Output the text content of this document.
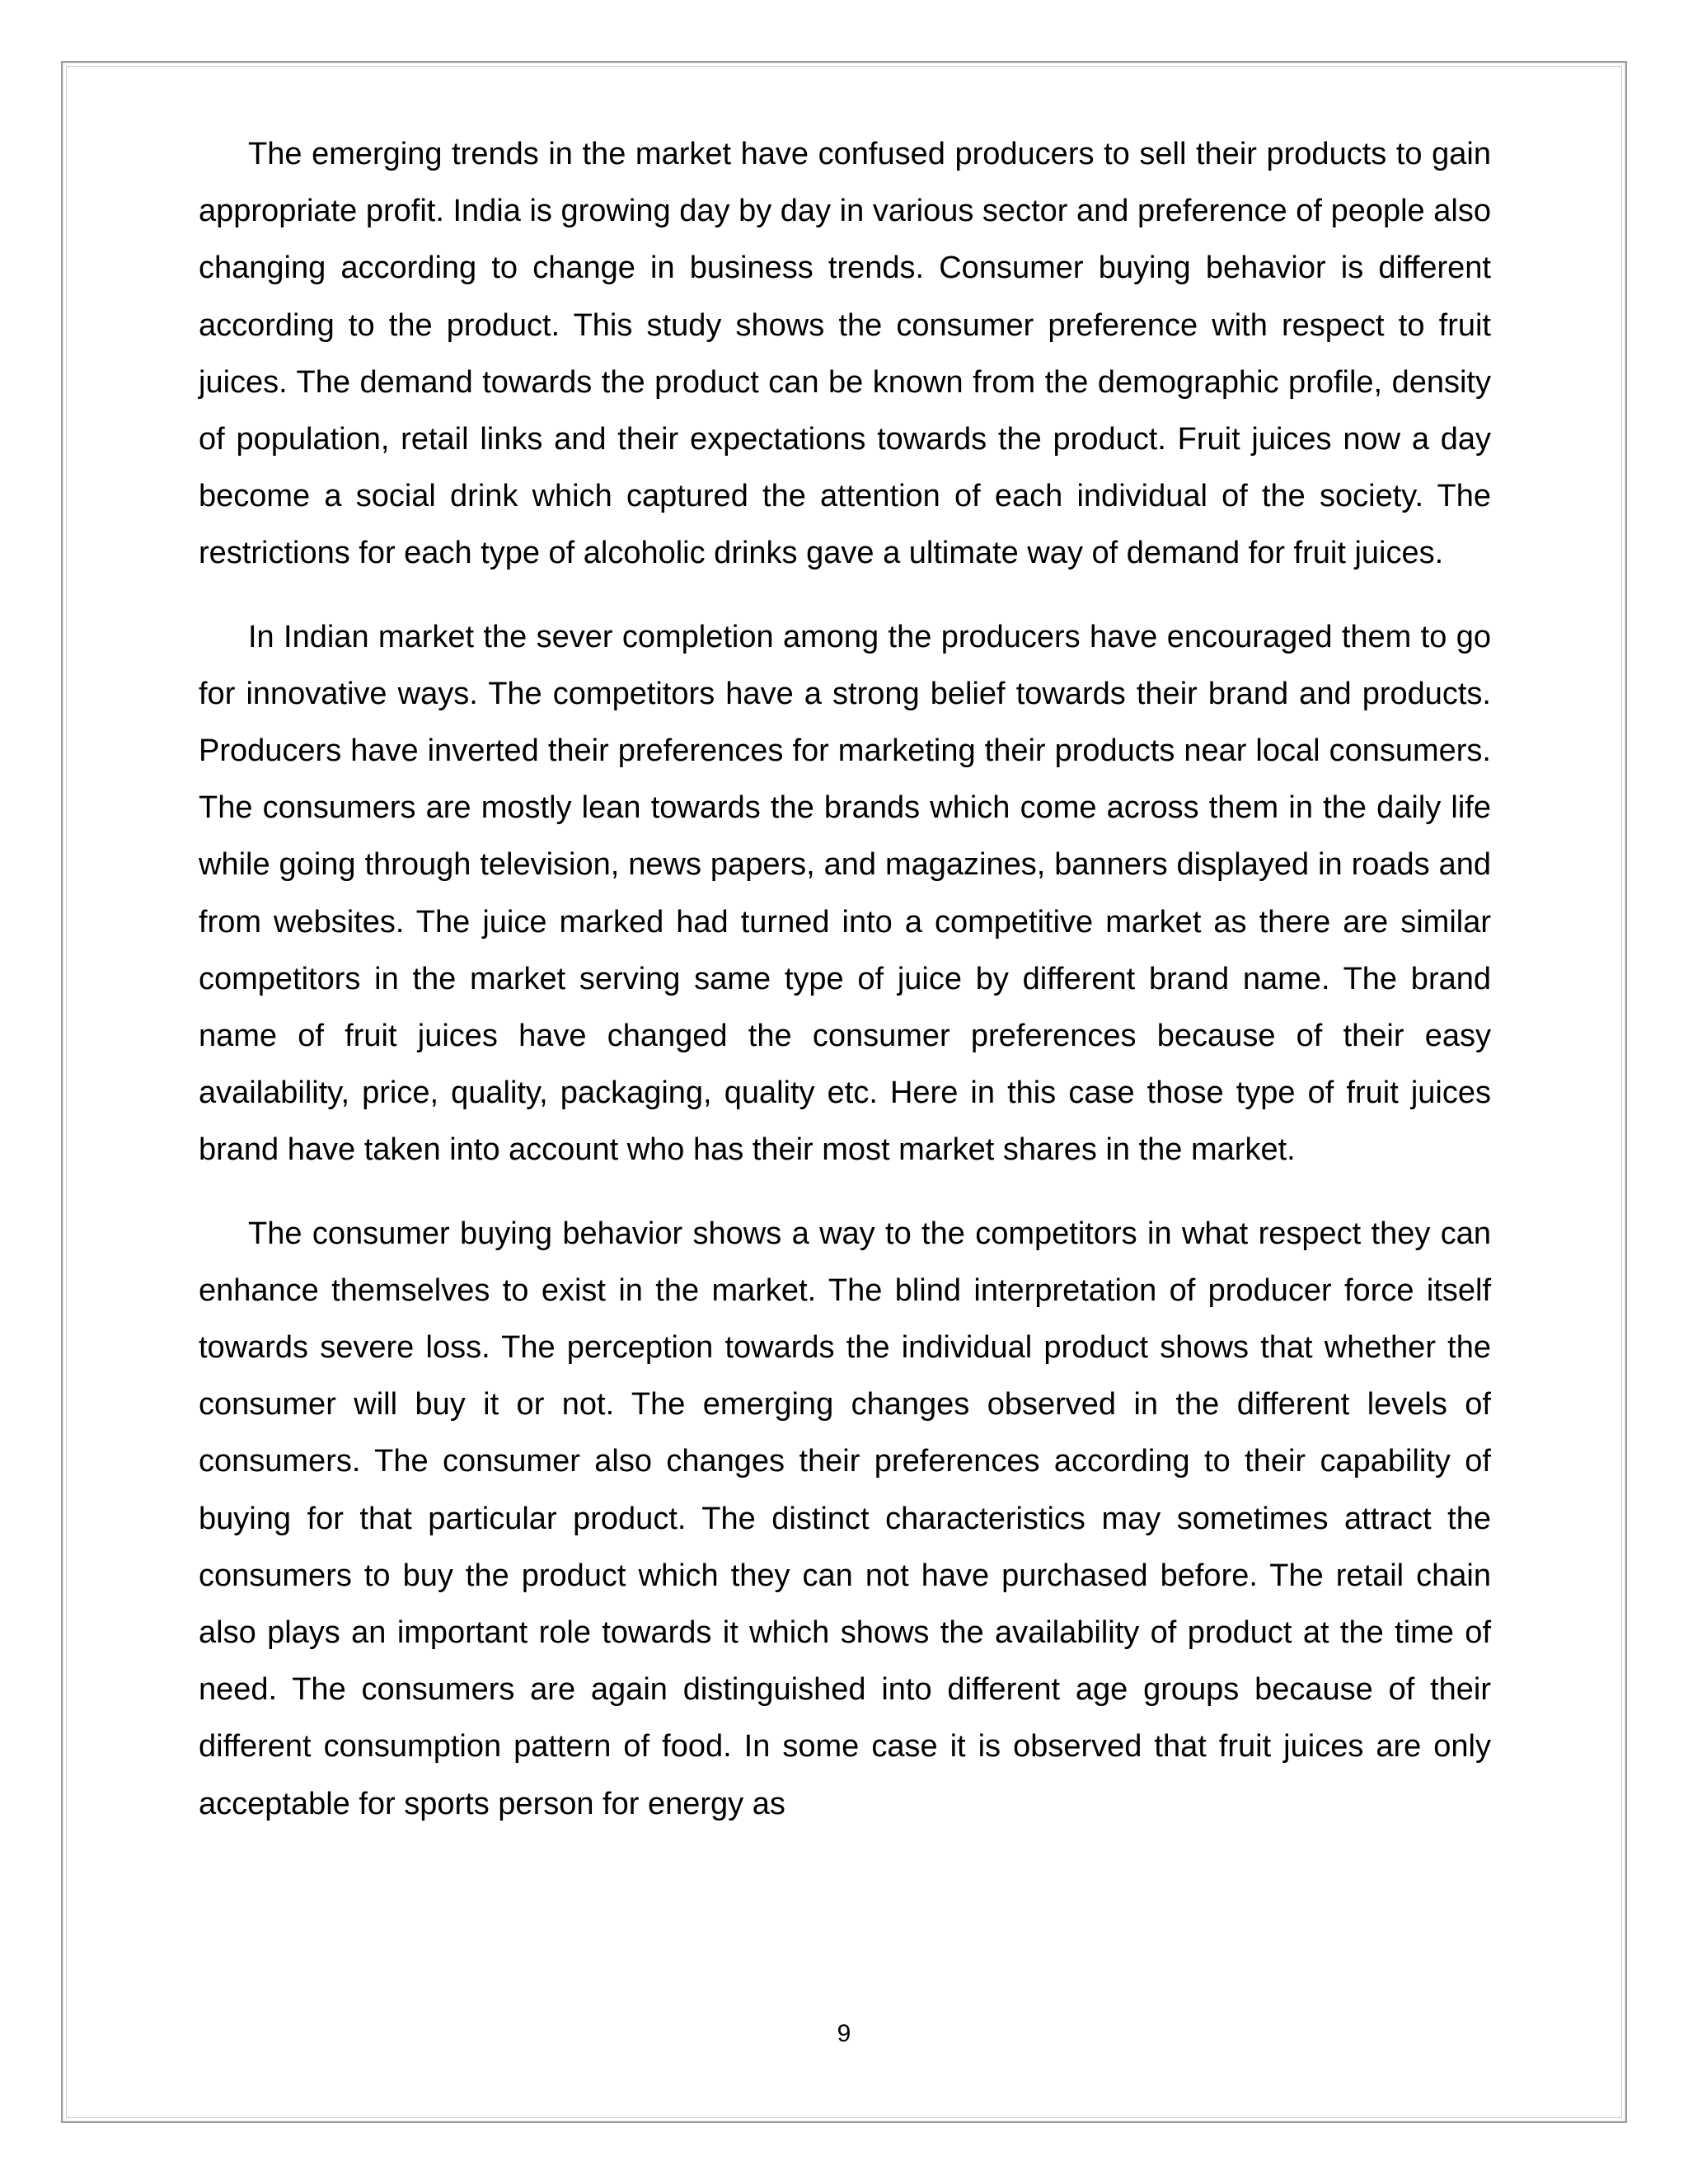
The emerging trends in the market have confused producers to sell their products to gain appropriate profit. India is growing day by day in various sector and preference of people also changing according to change in business trends. Consumer buying behavior is different according to the product. This study shows the consumer preference with respect to fruit juices. The demand towards the product can be known from the demographic profile, density of population, retail links and their expectations towards the product. Fruit juices now a day become a social drink which captured the attention of each individual of the society. The restrictions for each type of alcoholic drinks gave a ultimate way of demand for fruit juices.

In Indian market the sever completion among the producers have encouraged them to go for innovative ways. The competitors have a strong belief towards their brand and products. Producers have inverted their preferences for marketing their products near local consumers. The consumers are mostly lean towards the brands which come across them in the daily life while going through television, news papers, and magazines, banners displayed in roads and from websites. The juice marked had turned into a competitive market as there are similar competitors in the market serving same type of juice by different brand name. The brand name of fruit juices have changed the consumer preferences because of their easy availability, price, quality, packaging, quality etc. Here in this case those type of fruit juices brand have taken into account who has their most market shares in the market.

The consumer buying behavior shows a way to the competitors in what respect they can enhance themselves to exist in the market. The blind interpretation of producer force itself towards severe loss. The perception towards the individual product shows that whether the consumer will buy it or not. The emerging changes observed in the different levels of consumers. The consumer also changes their preferences according to their capability of buying for that particular product. The distinct characteristics may sometimes attract the consumers to buy the product which they can not have purchased before. The retail chain also plays an important role towards it which shows the availability of product at the time of need. The consumers are again distinguished into different age groups because of their different consumption pattern of food. In some case it is observed that fruit juices are only acceptable for sports person for energy as

9
